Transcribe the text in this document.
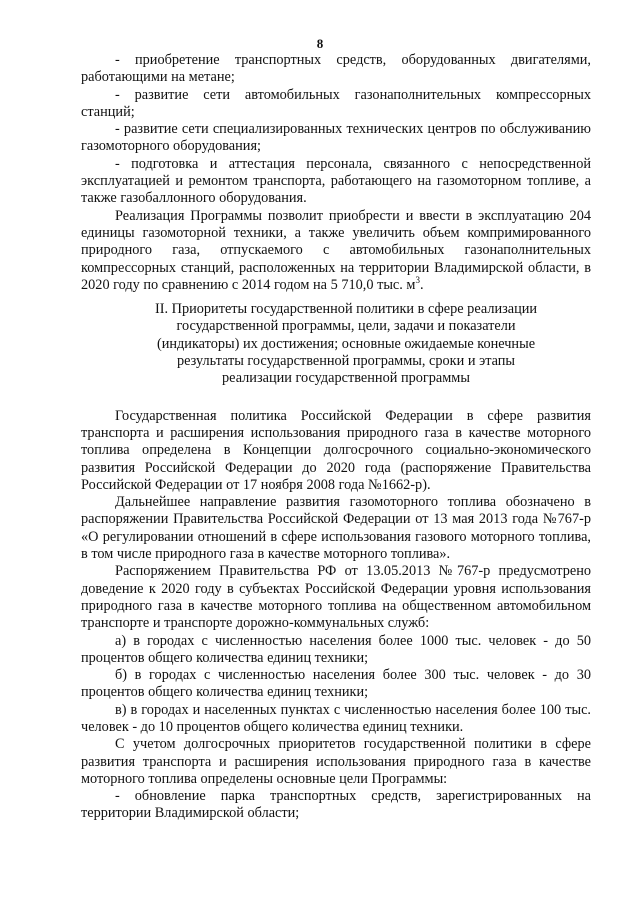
8

- приобретение транспортных средств, оборудованных двигателями, работающими на метане;

- развитие сети автомобильных газонаполнительных компрессорных станций;

- развитие сети специализированных технических центров по обслуживанию газомоторного оборудования;

- подготовка и аттестация персонала, связанного с непосредственной эксплуатацией и ремонтом транспорта, работающего на газомоторном топливе, а также газобаллонного оборудования.

Реализация Программы позволит приобрести и ввести в эксплуатацию 204 единицы газомоторной техники, а также увеличить объем компримированного природного газа, отпускаемого с автомобильных газонаполнительных компрессорных станций, расположенных на территории Владимирской области, в 2020 году по сравнению с 2014 годом на 5 710,0 тыс. $м^3$.

II. Приоритеты государственной политики в сфере реализации
государственной программы, цели, задачи и показатели
(индикаторы) их достижения; основные ожидаемые конечные
результаты государственной программы, сроки и этапы
реализации государственной программы

Государственная политика Российской Федерации в сфере развития транспорта и расширения использования природного газа в качестве моторного топлива определена в Концепции долгосрочного социально-экономического развития Российской Федерации до 2020 года (распоряжение Правительства Российской Федерации от 17 ноября 2008 года №1662-р).

Дальнейшее направление развития газомоторного топлива обозначено в распоряжении Правительства Российской Федерации от 13 мая 2013 года №767-р «О регулировании отношений в сфере использования газового моторного топлива, в том числе природного газа в качестве моторного топлива».

Распоряжением Правительства РФ от 13.05.2013 №767-р предусмотрено доведение к 2020 году в субъектах Российской Федерации уровня использования природного газа в качестве моторного топлива на общественном автомобильном транспорте и транспорте дорожно-коммунальных служб:

а) в городах с численностью населения более 1000 тыс. человек - до 50 процентов общего количества единиц техники;

б) в городах с численностью населения более 300 тыс. человек - до 30 процентов общего количества единиц техники;

в) в городах и населенных пунктах с численностью населения более 100 тыс. человек - до 10 процентов общего количества единиц техники.

С учетом долгосрочных приоритетов государственной политики в сфере развития транспорта и расширения использования природного газа в качестве моторного топлива определены основные цели Программы:

- обновление парка транспортных средств, зарегистрированных на территории Владимирской области;
